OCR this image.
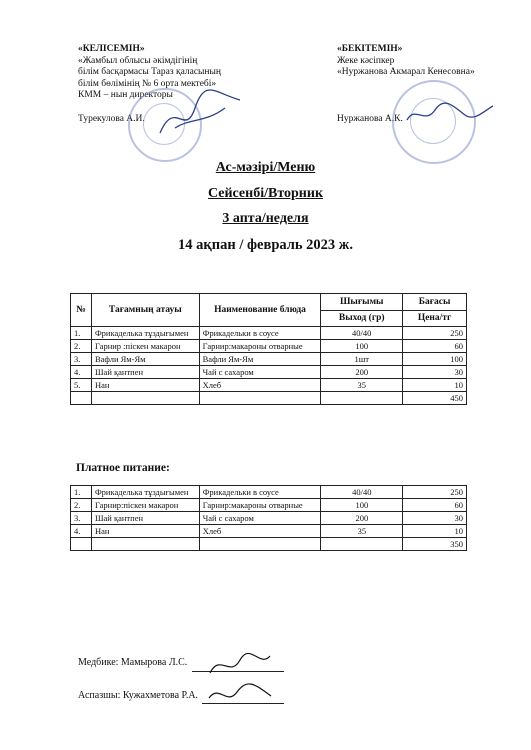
«КЕЛІСЕМІН»
«Жамбыл облысы әкімдігінің
білім басқармасы Тараз қаласының
білім бөлімінің № 6 орта мектебі»
КММ – нын директоры
Турекулова А.И.
«БЕКІТЕМІН»
Жеке кәсіпкер
«Нуржанова Акмарал Кенесовна»
Нуржанова А.К.
Ас-мәзірі/Меню
Сейсенбі/Вторник
3 апта/неделя
14 ақпан / февраль 2023 ж.
№	Тағамның атауы	Наименование блюда	Шығымы	Бағасы
			Выход (гр)	Цена/тг
1.	Фрикаделька тұздығымен	Фрикадельки в соусе	40/40	250
2.	Гарнир :піскен макарон	Гарнир:макароны отварные	100	60
3.	Вафли Ям-Ям	Вафли Ям-Ям	1шт	100
4.	Шай қантпен	Чай с сахаром	200	30
5.	Нан	Хлеб	35	10
				450
Платное питание:
1.	Фрикаделька тұздығымен	Фрикадельки в соусе	40/40	250
2.	Гарнир:піскен макарон	Гарнир:макароны отварные	100	60
3.	Шай қантпен	Чай с сахаром	200	30
4.	Нан	Хлеб	35	10
				350
Медбике: Мамырова Л.С.
Аспазшы: Кужахметова Р.А.
